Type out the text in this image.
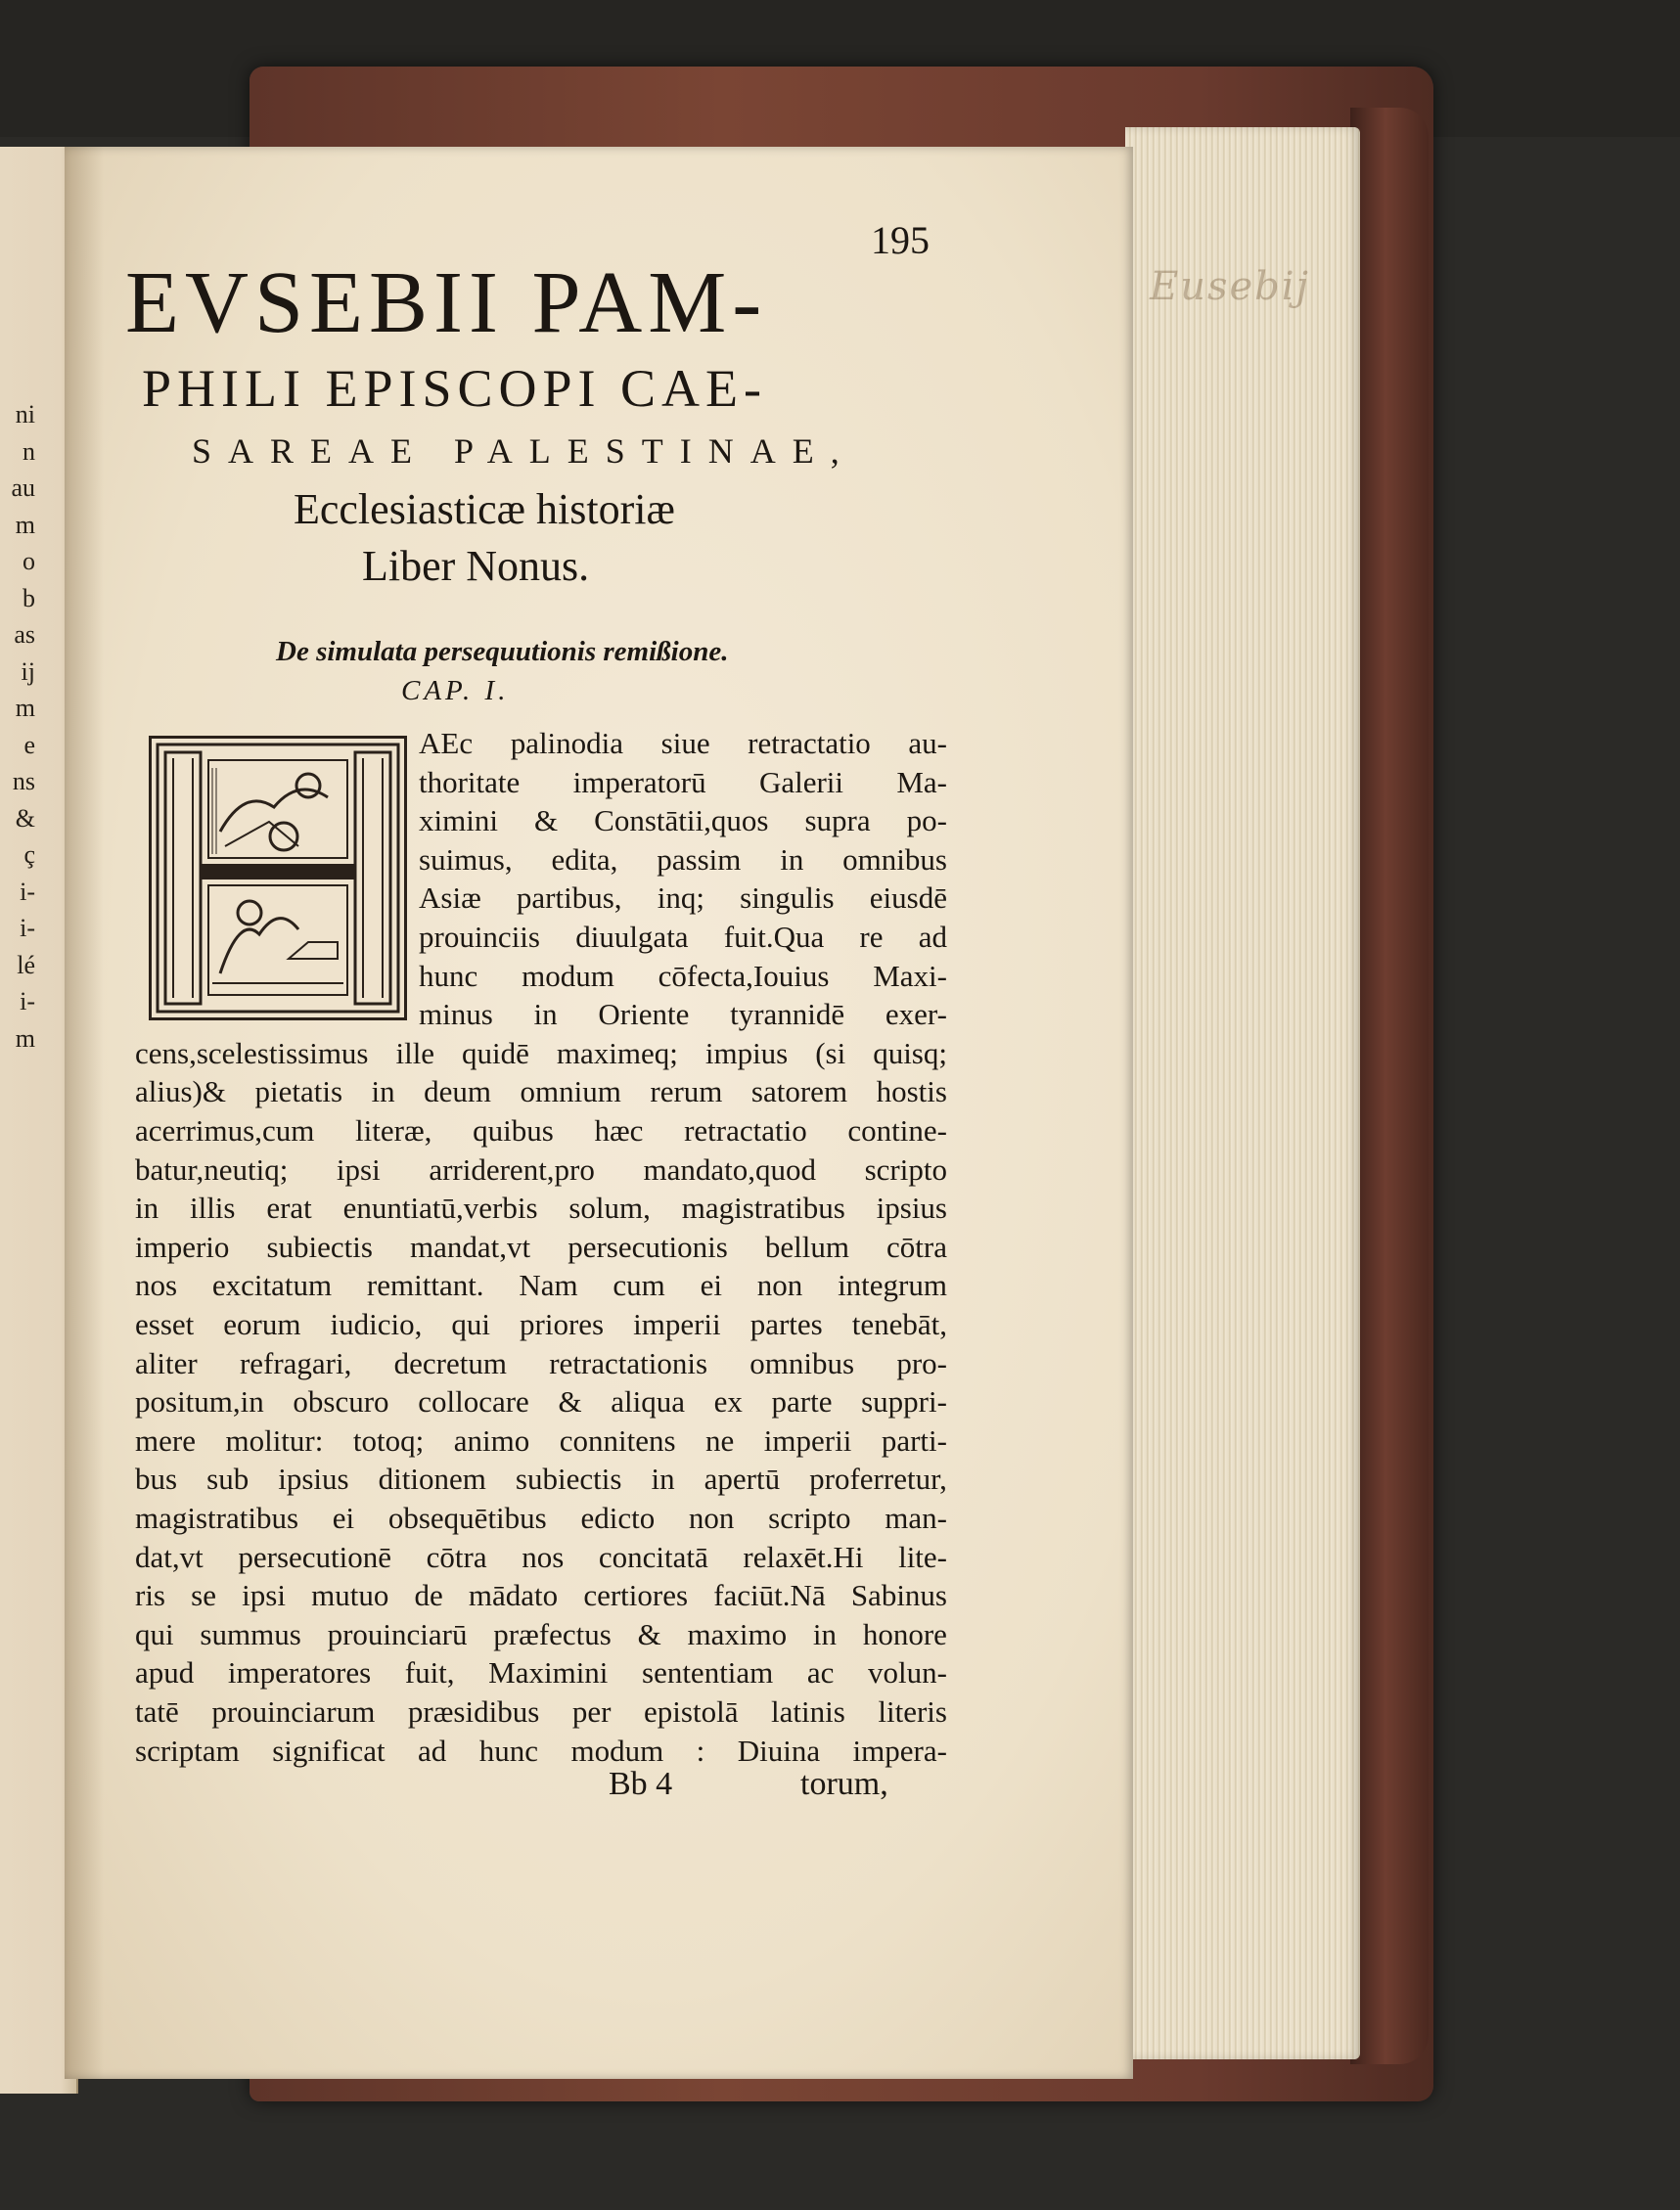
ni
n
au
m
o
b
as
ij
m
e
ns
&
ç
i-
i-
lé
i-
m
Eusebij
195
EVSEBII PAM-
PHILI EPISCOPI CAE-
SAREAE PALESTINAE,
Ecclesiasticæ historiæ
Liber Nonus.
De simulata persequutionis remißione.
CAP. I.
AEc palinodia siue retractatio au-
thoritate imperatorū Galerii Ma-
ximini & Constātii,quos supra po-
suimus, edita, passim in omnibus
Asiæ partibus, inq; singulis eiusdē
prouinciis diuulgata fuit.Qua re ad
hunc modum cōfecta,Iouius Maxi-
minus in Oriente tyrannidē exer-
cens,scelestissimus ille quidē maximeq; impius (si quisq;
alius)& pietatis in deum omnium rerum satorem hostis
acerrimus,cum literæ, quibus hæc retractatio contine-
batur,neutiq; ipsi arriderent,pro mandato,quod scripto
in illis erat enuntiatū,verbis solum, magistratibus ipsius
imperio subiectis mandat,vt persecutionis bellum cōtra
nos excitatum remittant. Nam cum ei non integrum
esset eorum iudicio, qui priores imperii partes tenebāt,
aliter refragari, decretum retractationis omnibus pro-
positum,in obscuro collocare & aliqua ex parte suppri-
mere molitur: totoq; animo connitens ne imperii parti-
bus sub ipsius ditionem subiectis in apertū proferretur,
magistratibus ei obsequētibus edicto non scripto man-
dat,vt persecutionē cōtra nos concitatā relaxēt.Hi lite-
ris se ipsi mutuo de mādato certiores faciūt.Nā Sabinus
qui summus prouinciarū præfectus & maximo in honore
apud imperatores fuit, Maximini sententiam ac volun-
tatē prouinciarum præsidibus per epistolā latinis literis
scriptam significat ad hunc modum : Diuina impera-
Bb 4	torum,
